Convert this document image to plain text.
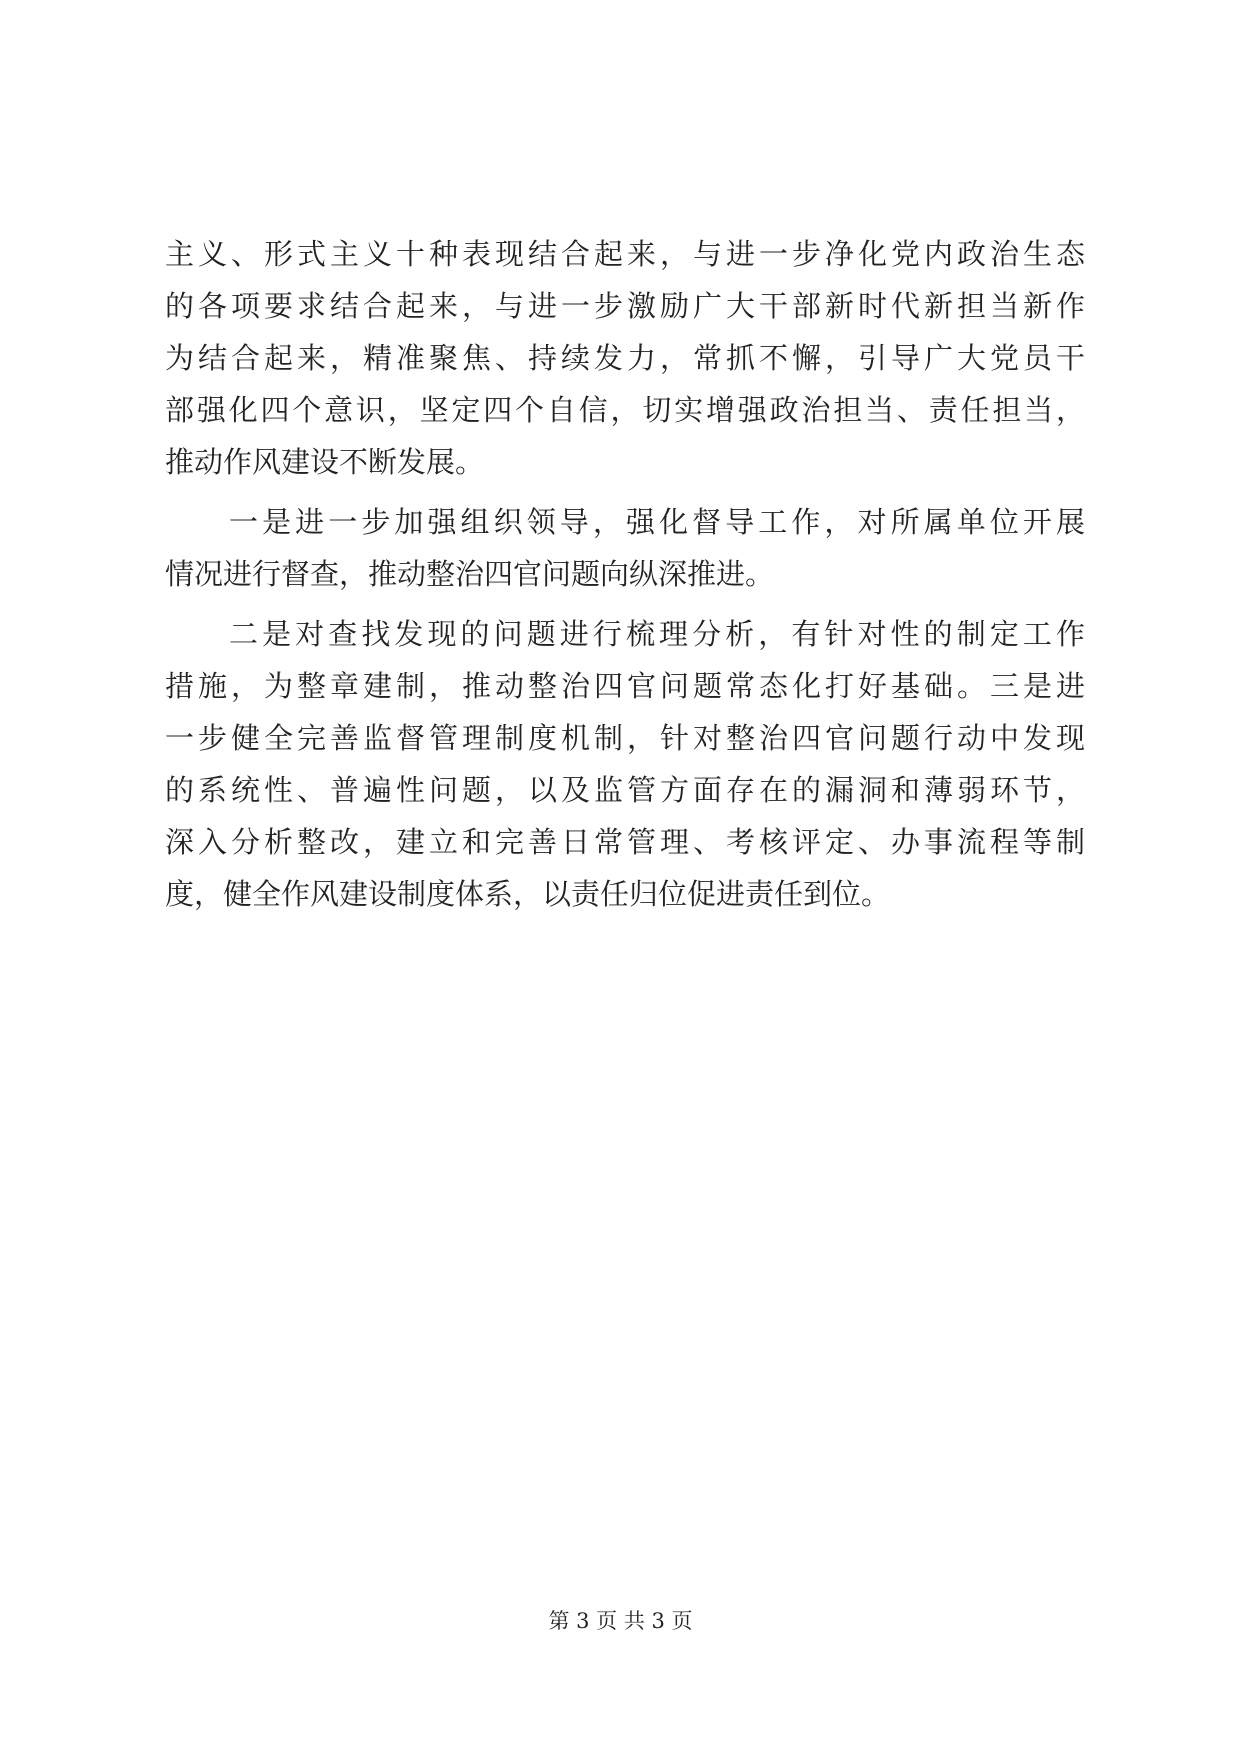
主义、形式主义十种表现结合起来，与进一步净化党内政治生态
的各项要求结合起来，与进一步激励广大干部新时代新担当新作
为结合起来，精准聚焦、持续发力，常抓不懈，引导广大党员干
部强化四个意识，坚定四个自信，切实增强政治担当、责任担当，
推动作风建设不断发展。
一是进一步加强组织领导，强化督导工作，对所属单位开展
情况进行督查，推动整治四官问题向纵深推进。
二是对查找发现的问题进行梳理分析，有针对性的制定工作
措施，为整章建制，推动整治四官问题常态化打好基础。三是进
一步健全完善监督管理制度机制，针对整治四官问题行动中发现
的系统性、普遍性问题，以及监管方面存在的漏洞和薄弱环节，
深入分析整改，建立和完善日常管理、考核评定、办事流程等制
度，健全作风建设制度体系，以责任归位促进责任到位。
第 3 页 共 3 页
